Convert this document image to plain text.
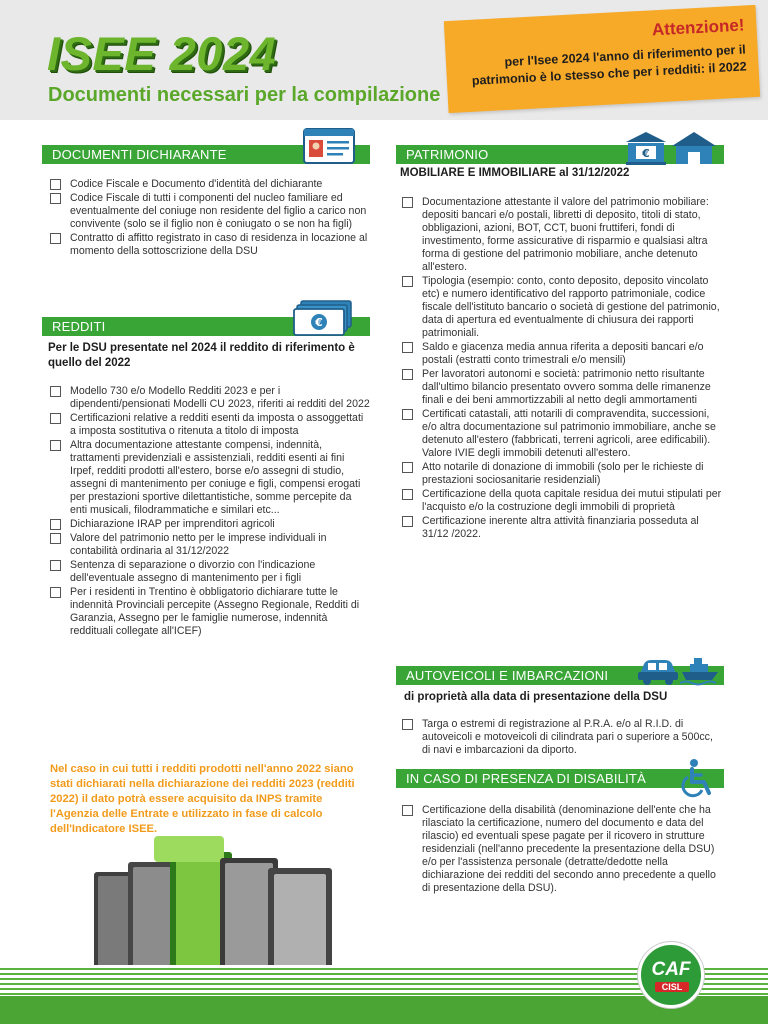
ISEE 2024
Documenti necessari per la compilazione
Attenzione!
per l'Isee 2024 l'anno di riferimento per il patrimonio è lo stesso che per i redditi: il 2022
DOCUMENTI DICHIARANTE
Codice Fiscale e Documento d'identità del dichiarante
Codice Fiscale di tutti i componenti del nucleo familiare ed eventualmente del coniuge non residente del figlio a carico non convivente (solo se il figlio non è coniugato o se non ha figli)
Contratto di affitto registrato in caso di residenza in locazione al momento della sottoscrizione della DSU
REDDITI	€
Per le DSU presentate nel 2024 il reddito di riferimento è quello del 2022
Modello 730 e/o Modello Redditi 2023 e per i dipendenti/pensionati Modelli CU 2023, riferiti ai redditi del 2022
Certificazioni relative a redditi esenti da imposta o assoggettati a imposta sostitutiva o ritenuta a titolo di imposta
Altra documentazione attestante compensi, indennità, trattamenti previdenziali e assistenziali, redditi esenti ai fini Irpef, redditi prodotti all'estero, borse e/o assegni di studio, assegni di mantenimento per coniuge e figli, compensi erogati per prestazioni sportive dilettantistiche, somme percepite da enti musicali, filodrammatiche e similari etc...
Dichiarazione IRAP per imprenditori agricoli
Valore del patrimonio netto per le imprese individuali in contabilità ordinaria al 31/12/2022
Sentenza di separazione o divorzio con l'indicazione dell'eventuale assegno di mantenimento per i figli
Per i residenti in Trentino è obbligatorio dichiarare tutte le indennità Provinciali percepite (Assegno Regionale, Redditi di Garanzia, Assegno per le famiglie numerose, indennità reddituali collegate all'ICEF)
Nel caso in cui tutti i redditi prodotti nell'anno 2022 siano stati dichiarati nella dichiarazione dei redditi 2023 (redditi 2022) il dato potrà essere acquisito da INPS tramite l'Agenzia delle Entrate e utilizzato in fase di calcolo dell'Indicatore ISEE.
PATRIMONIO	€
MOBILIARE E IMMOBILIARE al 31/12/2022
Documentazione attestante il valore del patrimonio mobiliare: depositi bancari e/o postali, libretti di deposito, titoli di stato, obbligazioni, azioni, BOT, CCT, buoni fruttiferi, fondi di investimento, forme assicurative di risparmio e qualsiasi altra forma di gestione del patrimonio mobiliare, anche detenuto all'estero.
Tipologia (esempio: conto, conto deposito, deposito vincolato etc) e numero identificativo del rapporto patrimoniale, codice fiscale dell'istituto bancario o società di gestione del patrimonio, data di apertura ed eventualmente di chiusura dei rapporti patrimoniali.
Saldo e giacenza media annua riferita a depositi bancari e/o postali (estratti conto trimestrali e/o mensili)
Per lavoratori autonomi e società: patrimonio netto risultante dall'ultimo bilancio presentato ovvero somma delle rimanenze finali e dei beni ammortizzabili al netto degli ammortamenti
Certificati catastali, atti notarili di compravendita, successioni, e/o altra documentazione sul patrimonio immobiliare, anche se detenuto all'estero (fabbricati, terreni agricoli, aree edificabili). Valore IVIE degli immobili detenuti all'estero.
Atto notarile di donazione di immobili (solo per le richieste di prestazioni sociosanitarie residenziali)
Certificazione della quota capitale residua dei mutui stipulati per l'acquisto e/o la costruzione degli immobili di proprietà
Certificazione inerente altra attività finanziaria posseduta al 31/12 /2022.
AUTOVEICOLI E IMBARCAZIONI
di proprietà alla data di presentazione della DSU
Targa o estremi di registrazione al P.R.A. e/o al R.I.D. di autoveicoli e motoveicoli di cilindrata pari o superiore a 500cc, di navi e imbarcazioni da diporto.
IN CASO DI PRESENZA DI DISABILITÀ
Certificazione della disabilità (denominazione dell'ente che ha rilasciato la certificazione, numero del documento e data del rilascio) ed eventuali spese pagate per il ricovero in strutture residenziali (nell'anno precedente la presentazione della DSU) e/o per l'assistenza personale (detratte/dedotte nella dichiarazione dei redditi del secondo anno precedente a quello di presentazione della DSU).
CAF
CISL
